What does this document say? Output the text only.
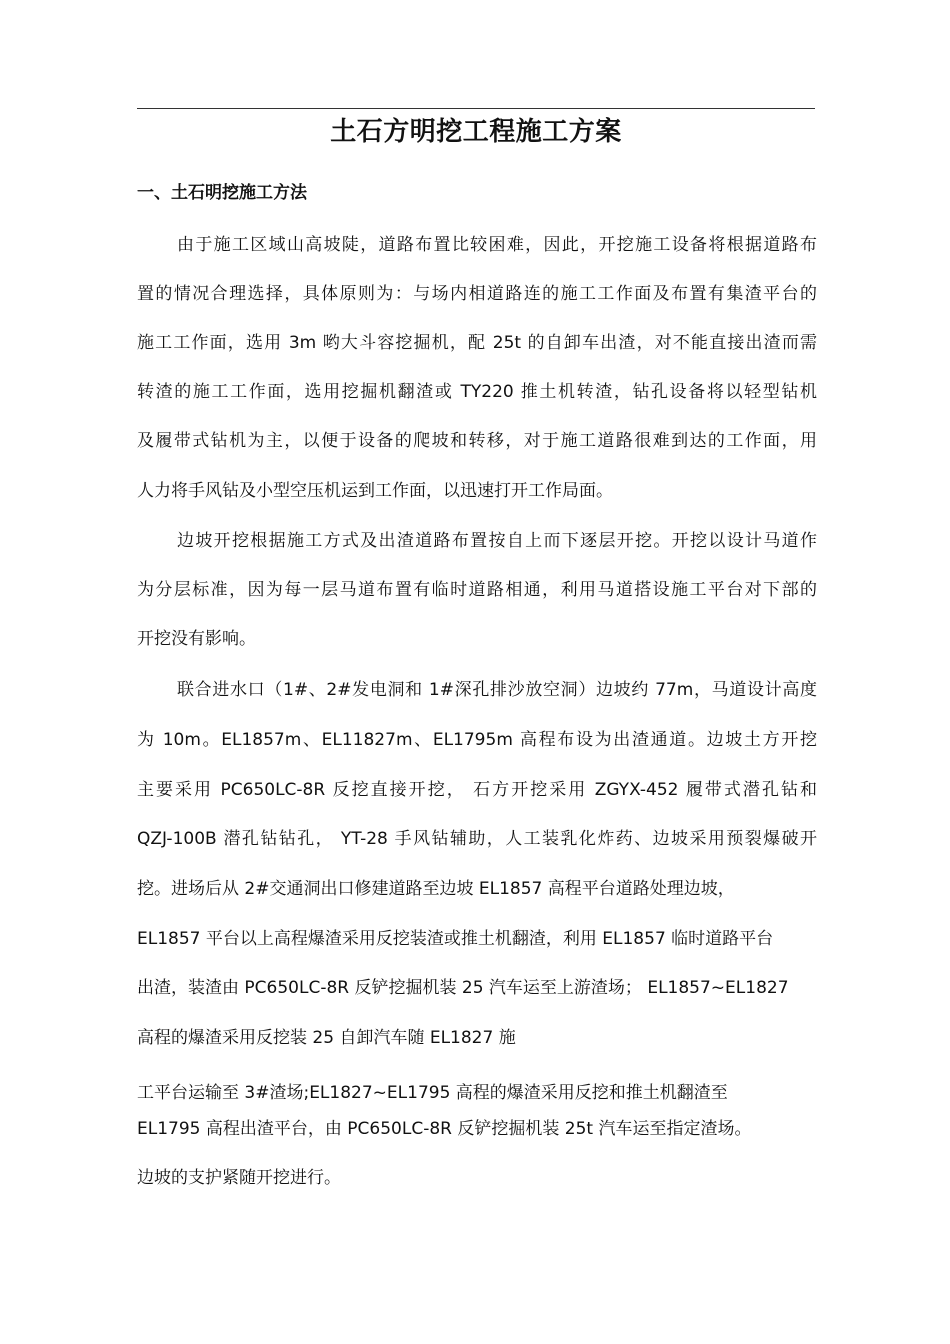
土石方明挖工程施工方案
一、土石明挖施工方法
由于施工区域山高坡陡，道路布置比较困难，因此，开挖施工设备将根据道路布
置的情况合理选择，具体原则为：与场内相道路连的施工工作面及布置有集渣平台的
施工工作面，选用 3m 哟大斗容挖掘机，配 25t 的自卸车出渣，对不能直接出渣而需
转渣的施工工作面，选用挖掘机翻渣或 TY220 推土机转渣，钻孔设备将以轻型钻机
及履带式钻机为主，以便于设备的爬坡和转移，对于施工道路很难到达的工作面，用
人力将手风钻及小型空压机运到工作面，以迅速打开工作局面。
边坡开挖根据施工方式及出渣道路布置按自上而下逐层开挖。开挖以设计马道作
为分层标准，因为每一层马道布置有临时道路相通，利用马道搭设施工平台对下部的
开挖没有影响。
联合进水口（1#、2#发电洞和 1#深孔排沙放空洞）边坡约 77m，马道设计高度
为 10m。EL1857m、EL11827m、EL1795m 高程布设为出渣通道。边坡土方开挖
主要采用 PC650LC-8R 反挖直接开挖， 石方开挖采用 ZGYX-452 履带式潜孔钻和
QZJ-100B 潜孔钻钻孔， YT-28 手风钻辅助，人工装乳化炸药、边坡采用预裂爆破开
挖。进场后从 2#交通洞出口修建道路至边坡 EL1857 高程平台道路处理边坡，
EL1857 平台以上高程爆渣采用反挖装渣或推土机翻渣，利用 EL1857 临时道路平台
出渣，装渣由 PC650LC-8R 反铲挖掘机装 25 汽车运至上游渣场； EL1857~EL1827
高程的爆渣采用反挖装 25 自卸汽车随 EL1827 施
工平台运输至 3#渣场;EL1827~EL1795 高程的爆渣采用反挖和推土机翻渣至
EL1795 高程出渣平台，由 PC650LC-8R 反铲挖掘机装 25t 汽车运至指定渣场。
边坡的支护紧随开挖进行。
